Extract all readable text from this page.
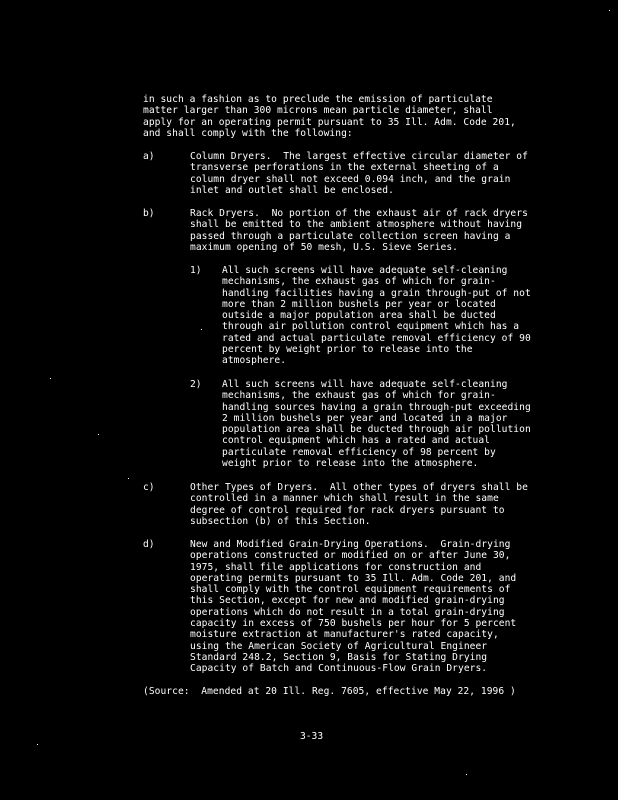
in such a fashion as to preclude the emission of particulate
matter larger than 300 microns mean particle diameter, shall
apply for an operating permit pursuant to 35 Ill. Adm. Code 201,
and shall comply with the following:

a)	Column Dryers.  The largest effective circular diameter of
transverse perforations in the external sheeting of a
column dryer shall not exceed 0.094 inch, and the grain
inlet and outlet shall be enclosed.

b)	Rack Dryers.  No portion of the exhaust air of rack dryers
shall be emitted to the ambient atmosphere without having
passed through a particulate collection screen having a
maximum opening of 50 mesh, U.S. Sieve Series.

1) All such screens will have adequate self-cleaning
mechanisms, the exhaust gas of which for grain-
handling facilities having a grain through-put of not
more than 2 million bushels per year or located
outside a major population area shall be ducted
through air pollution control equipment which has a
rated and actual particulate removal efficiency of 90
percent by weight prior to release into the
atmosphere.

2) All such screens will have adequate self-cleaning
mechanisms, the exhaust gas of which for grain-
handling sources having a grain through-put exceeding
2 million bushels per year and located in a major
population area shall be ducted through air pollution
control equipment which has a rated and actual
particulate removal efficiency of 98 percent by
weight prior to release into the atmosphere.

c)	Other Types of Dryers.  All other types of dryers shall be
controlled in a manner which shall result in the same
degree of control required for rack dryers pursuant to
subsection (b) of this Section.

d)	New and Modified Grain-Drying Operations.  Grain-drying
operations constructed or modified on or after June 30,
1975, shall file applications for construction and
operating permits pursuant to 35 Ill. Adm. Code 201, and
shall comply with the control equipment requirements of
this Section, except for new and modified grain-drying
operations which do not result in a total grain-drying
capacity in excess of 750 bushels per hour for 5 percent
moisture extraction at manufacturer's rated capacity,
using the American Society of Agricultural Engineer
Standard 248.2, Section 9, Basis for Stating Drying
Capacity of Batch and Continuous-Flow Grain Dryers.

(Source:  Amended at 20 Ill. Reg. 7605, effective May 22, 1996 )

3-33
